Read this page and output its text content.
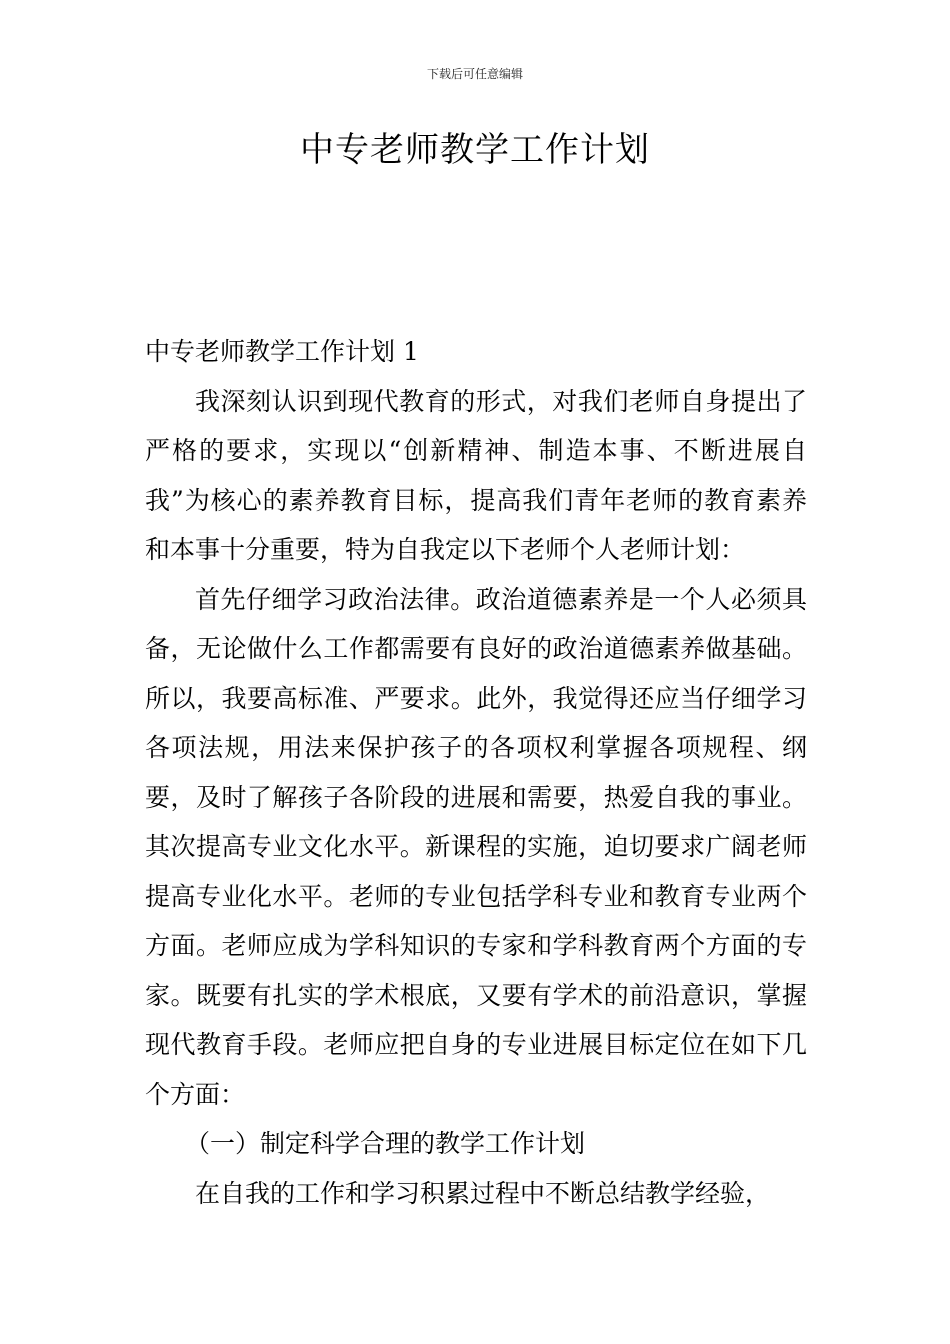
下载后可任意编辑
中专老师教学工作计划

中专老师教学工作计划 1

我深刻认识到现代教育的形式，对我们老师自身提出了严格的要求，实现以“创新精神、制造本事、不断进展自我”为核心的素养教育目标，提高我们青年老师的教育素养和本事十分重要，特为自我定以下老师个人老师计划：

首先仔细学习政治法律。政治道德素养是一个人必须具备，无论做什么工作都需要有良好的政治道德素养做基础。所以，我要高标准、严要求。此外，我觉得还应当仔细学习各项法规，用法来保护孩子的各项权利掌握各项规程、纲要，及时了解孩子各阶段的进展和需要，热爱自我的事业。其次提高专业文化水平。新课程的实施，迫切要求广阔老师提高专业化水平。老师的专业包括学科专业和教育专业两个方面。老师应成为学科知识的专家和学科教育两个方面的专家。既要有扎实的学术根底，又要有学术的前沿意识，掌握现代教育手段。老师应把自身的专业进展目标定位在如下几个方面：

（一）制定科学合理的教学工作计划

在自我的工作和学习积累过程中不断总结教学经验，
